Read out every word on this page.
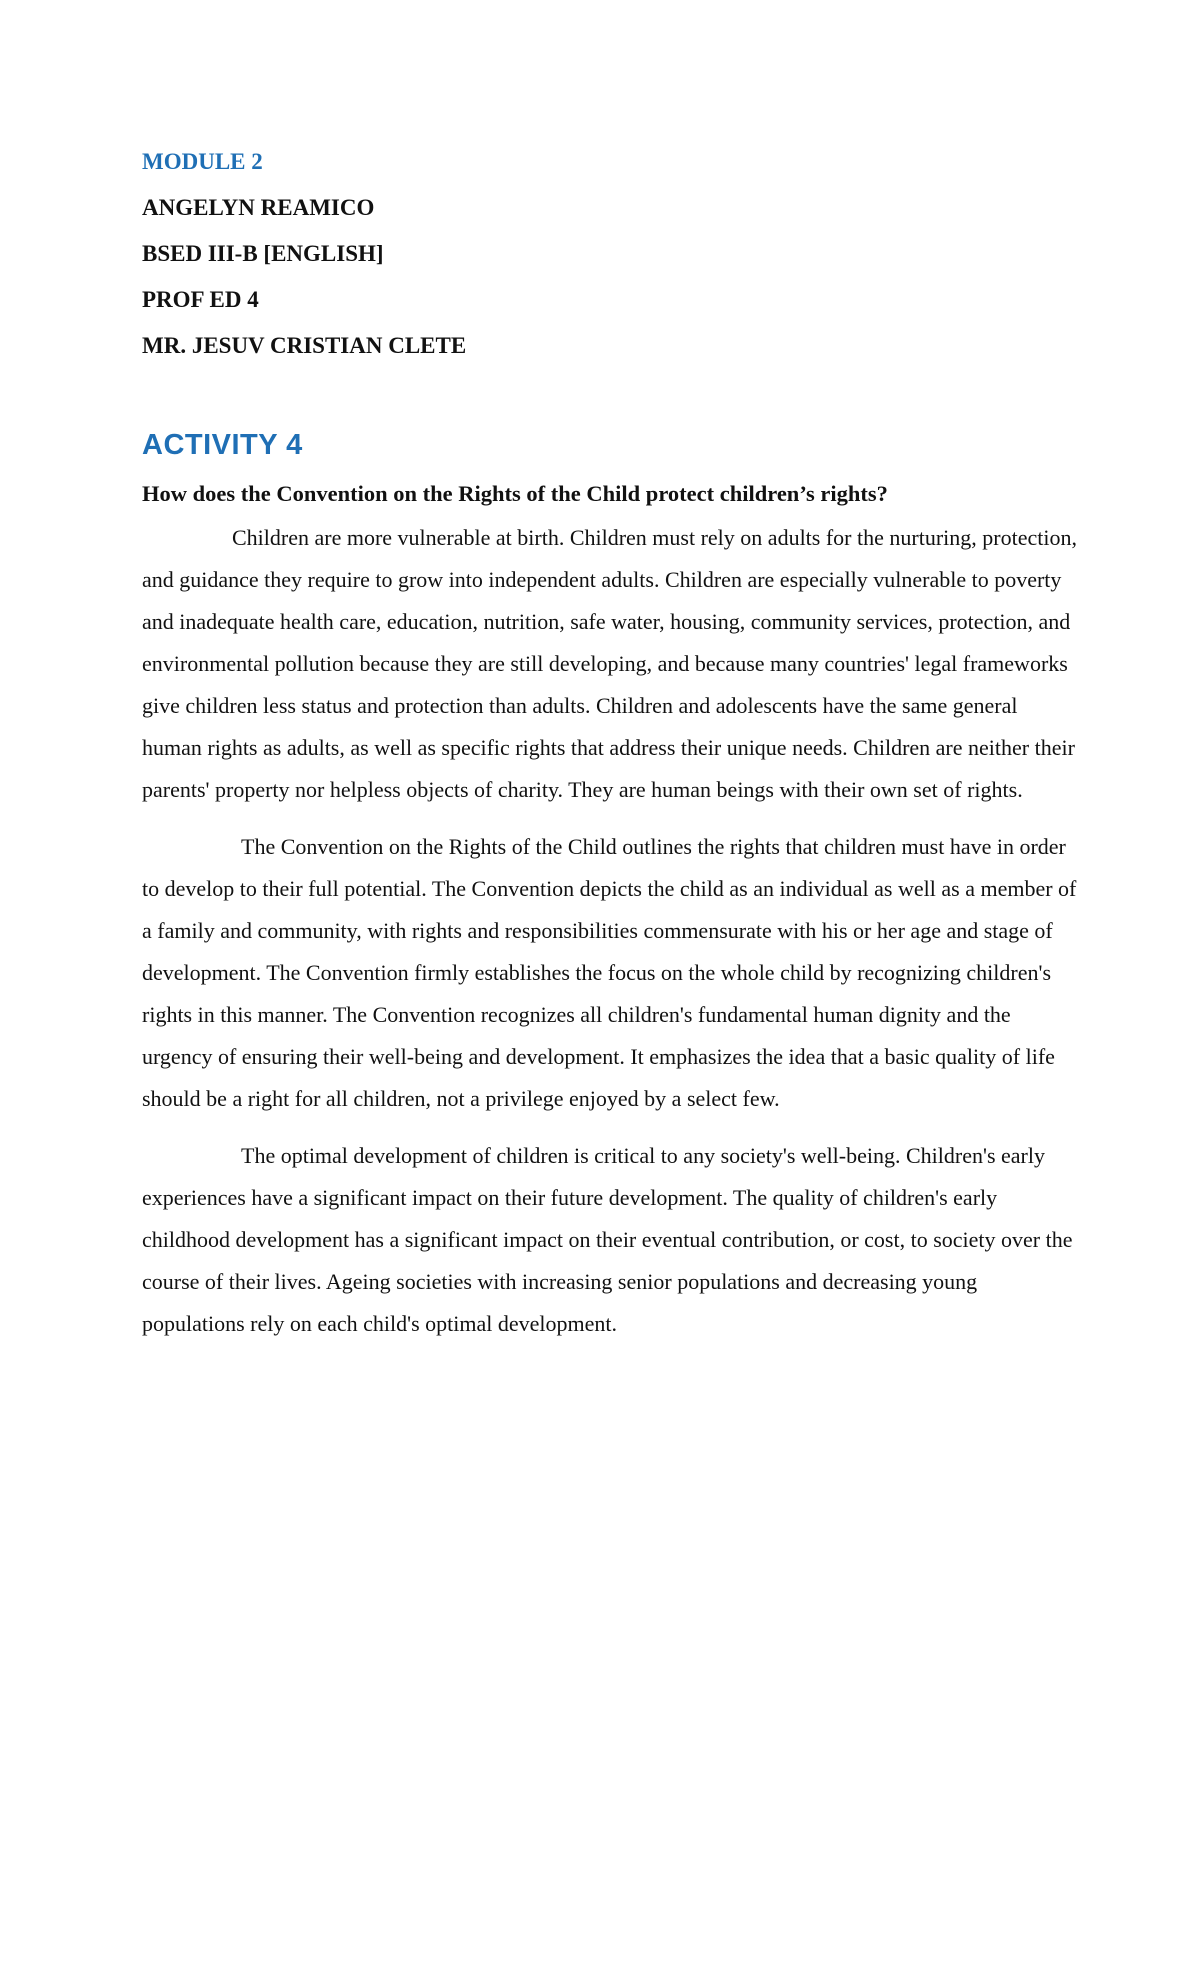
MODULE 2

ANGELYN REAMICO

BSED III-B [ENGLISH]

PROF ED 4

MR. JESUV CRISTIAN CLETE

ACTIVITY 4

How does the Convention on the Rights of the Child protect children’s rights?

Children are more vulnerable at birth. Children must rely on adults for the nurturing, protection, and guidance they require to grow into independent adults. Children are especially vulnerable to poverty and inadequate health care, education, nutrition, safe water, housing, community services, protection, and environmental pollution because they are still developing, and because many countries' legal frameworks give children less status and protection than adults. Children and adolescents have the same general human rights as adults, as well as specific rights that address their unique needs. Children are neither their parents' property nor helpless objects of charity. They are human beings with their own set of rights.

The Convention on the Rights of the Child outlines the rights that children must have in order to develop to their full potential. The Convention depicts the child as an individual as well as a member of a family and community, with rights and responsibilities commensurate with his or her age and stage of development. The Convention firmly establishes the focus on the whole child by recognizing children's rights in this manner. The Convention recognizes all children's fundamental human dignity and the urgency of ensuring their well-being and development. It emphasizes the idea that a basic quality of life should be a right for all children, not a privilege enjoyed by a select few.

The optimal development of children is critical to any society's well-being. Children's early experiences have a significant impact on their future development. The quality of children's early childhood development has a significant impact on their eventual contribution, or cost, to society over the course of their lives. Ageing societies with increasing senior populations and decreasing young populations rely on each child's optimal development.
